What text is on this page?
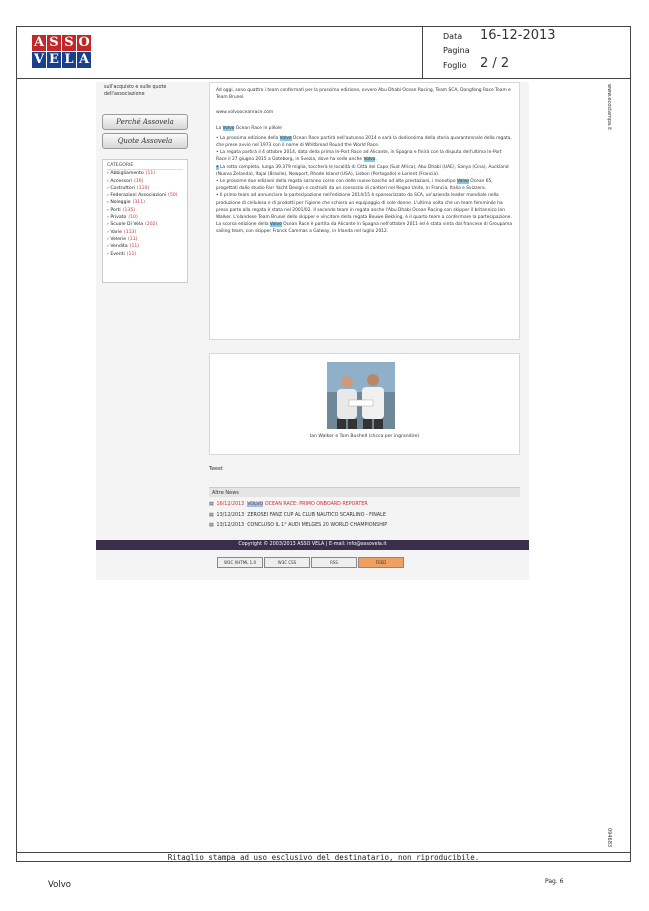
A S S O
V E L A
Data 16-12-2013
Pagina
Foglio 2 / 2
sull'acquisto e sulle quote dell'associazione
Perché Assovela
Quote Assovela
CATEGORIE
› Abbigliamento (11)
› Accessori (16)
› Costruttori (110)
› Federazioni Associazioni (50)
› Noleggio (311)
› Porti (135)
› Privato (10)
› Scuole Di Vela (202)
› Varie (113)
› Velerie (11)
› Vendita (11)
› Eventi (11)

Ad oggi, sono quattro i team confermati per la prossima edizione, ovvero Abu Dhabi Ocean Racing, Team SCA, Dongfeng Race Team e Team Brunel.

www.volvooceanrace.com

La Volvo Ocean Race in pillole

• La prossima edizione della Volvo Ocean Race partirà nell'autunno 2014 e sarà la dodicesima della storia quarantennale della regata, che prese avvio nel 1973 con il nome di Whitbread Round the World Race.

• La regata partirà il 4 ottobre 2014, data della prima In-Port Race ad Alicante, in Spagna e finirà con la disputa dell'ultima In-Port Race il 27 giugno 2015 a Goteborg, in Svezia, dove ha sede anche Volvo.

• La rotta completa, lunga 39.379 miglia, toccherà le località di Città del Capo (Sud Africa), Abu Dhabi (UAE), Sanya (Cina), Auckland (Nuova Zelanda), Itajaí (Brasile), Newport, Rhode Island (USA), Lisbon (Portogallo) e Lorient (Francia).

• Le prossime due edizioni della regata saranno corse con delle nuove barche ad alte prestazioni, i monotipo Volvo Ocean 65, progettati dallo studio Farr Yacht Design e costruiti da un consorzio di cantieri nel Regno Unito, in Francia, Italia e Svizzera.

• Il primo team ad annunciare la partecipazione nell'edizione 2014/15 è sponsorizzato da SCA, un'azienda leader mondiale nella produzione di cellulosa e di prodotti per l'igiene che schiera un equipaggio di sole donne. L'ultima volta che un team femminile ha preso parte alla regata è stata nel 2001/02. Il secondo team in regata anche l'Abu Dhabi Ocean Racing con skipper il britannico Ian Walker. L'olandese Team Brunel dello skipper e vincitore della regata Bouwe Bekking, è il quarto team a confermare la partecipazione.

La scorsa edizione della Volvo Ocean Race è partita da Alicante in Spagna nell'ottobre 2011 ed è stata vinta dal francese di Groupama sailing team, con skipper Franck Cammas a Galway, in Irlanda nel luglio 2012.

Ian Walker e Tom Bushell (clicca per ingrandire)
Tweet
Altre News
▤ 16/12/2013 VOLVO OCEAN RACE: PRIMO ONBOARD REPORTER
▤ 13/12/2013 ZEROSEI FANZ CUP AL CLUB NAUTICO SCARLINO - FINALE
▤ 13/12/2013 CONCLUSO IL 1° AUDI MELGES 20 WORLD CHAMPIONSHIP
Copyright © 2003/2013 ASSO VELA | E-mail: info@assovela.it
W3C XHTML 1.0	W3C CSS	RSS	FEED
www.ecostampa.it
094683
Ritaglio stampa ad uso esclusivo del destinatario, non riproducibile.
Volvo	Pag. 6
